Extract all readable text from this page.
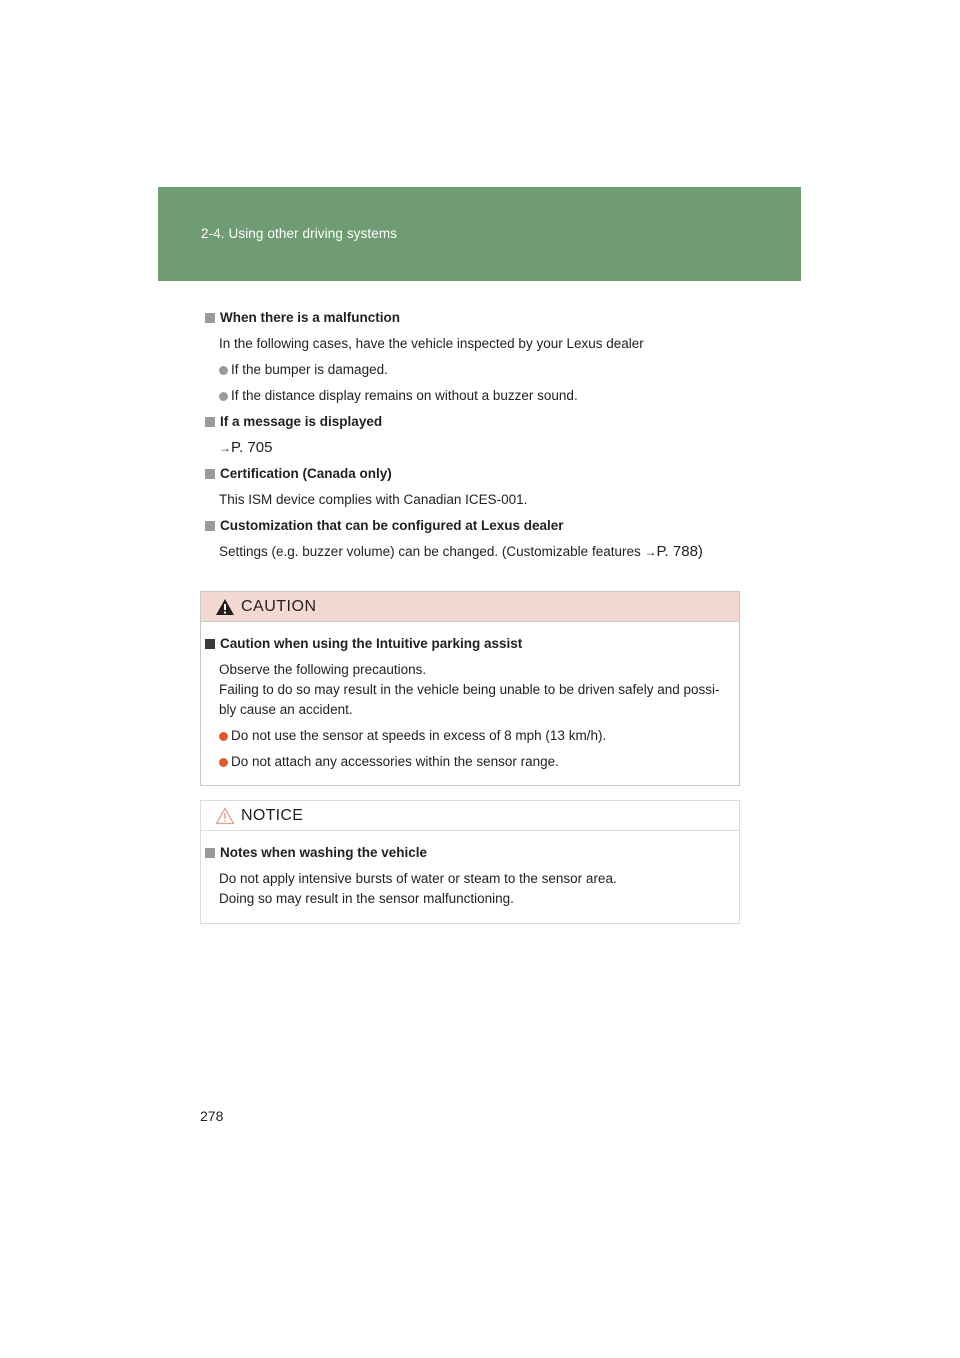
2-4. Using other driving systems
When there is a malfunction
In the following cases, have the vehicle inspected by your Lexus dealer
If the bumper is damaged.
If the distance display remains on without a buzzer sound.
If a message is displayed
→P. 705
Certification (Canada only)
This ISM device complies with Canadian ICES-001.
Customization that can be configured at Lexus dealer
Settings (e.g. buzzer volume) can be changed. (Customizable features →P. 788)
CAUTION
Caution when using the Intuitive parking assist
Observe the following precautions.
Failing to do so may result in the vehicle being unable to be driven safely and possi-
bly cause an accident.
Do not use the sensor at speeds in excess of 8 mph (13 km/h).
Do not attach any accessories within the sensor range.
NOTICE
Notes when washing the vehicle
Do not apply intensive bursts of water or steam to the sensor area.
Doing so may result in the sensor malfunctioning.
278
